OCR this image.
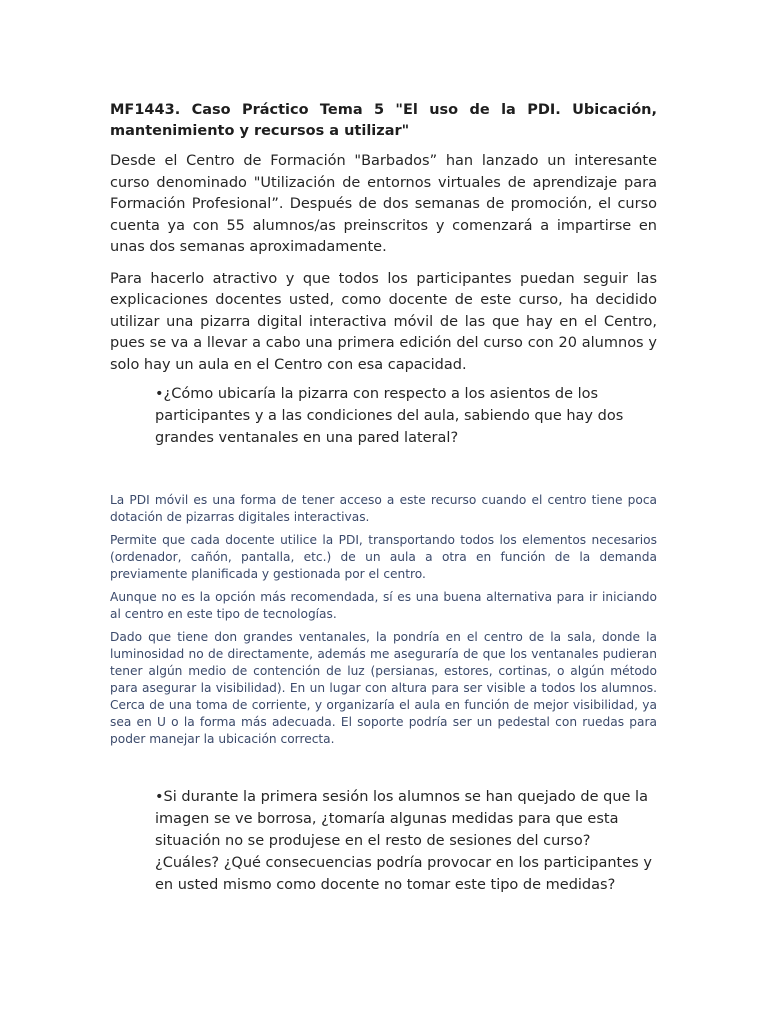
MF1443. Caso Práctico Tema 5 "El uso de la PDI. Ubicación, mantenimiento y recursos a utilizar"

Desde el Centro de Formación "Barbados” han lanzado un interesante curso denominado "Utilización de entornos virtuales de aprendizaje para Formación Profesional”. Después de dos semanas de promoción, el curso cuenta ya con 55 alumnos/as preinscritos y comenzará a impartirse en unas dos semanas aproximadamente.

Para hacerlo atractivo y que todos los participantes puedan seguir las explicaciones docentes usted, como docente de este curso, ha decidido utilizar una pizarra digital interactiva móvil de las que hay en el Centro, pues se va a llevar a cabo una primera edición del curso con 20 alumnos y solo hay un aula en el Centro con esa capacidad.

•¿Cómo ubicaría la pizarra con respecto a los asientos de los participantes y a las condiciones del aula, sabiendo que hay dos grandes ventanales en una pared lateral?

La PDI móvil es una forma de tener acceso a este recurso cuando el centro tiene poca dotación de pizarras digitales interactivas.

Permite que cada docente utilice la PDI, transportando todos los elementos necesarios (ordenador, cañón, pantalla, etc.) de un aula a otra en función de la demanda previamente planificada y gestionada por el centro.

Aunque no es la opción más recomendada, sí es una buena alternativa para ir iniciando al centro en este tipo de tecnologías.

Dado que tiene don grandes ventanales, la pondría en el centro de la sala, donde la luminosidad no de directamente, además me aseguraría de que los ventanales pudieran tener algún medio de contención de luz (persianas, estores, cortinas, o algún método para asegurar la visibilidad). En un lugar con altura para ser visible a todos los alumnos. Cerca de una toma de corriente, y organizaría el aula en función de mejor visibilidad, ya sea en U o la forma más adecuada. El soporte podría ser un pedestal con ruedas para poder manejar la ubicación correcta.

•Si durante la primera sesión los alumnos se han quejado de que la imagen se ve borrosa, ¿tomaría algunas medidas para que esta situación no se produjese en el resto de sesiones del curso? ¿Cuáles? ¿Qué consecuencias podría provocar en los participantes y en usted mismo como docente no tomar este tipo de medidas?
